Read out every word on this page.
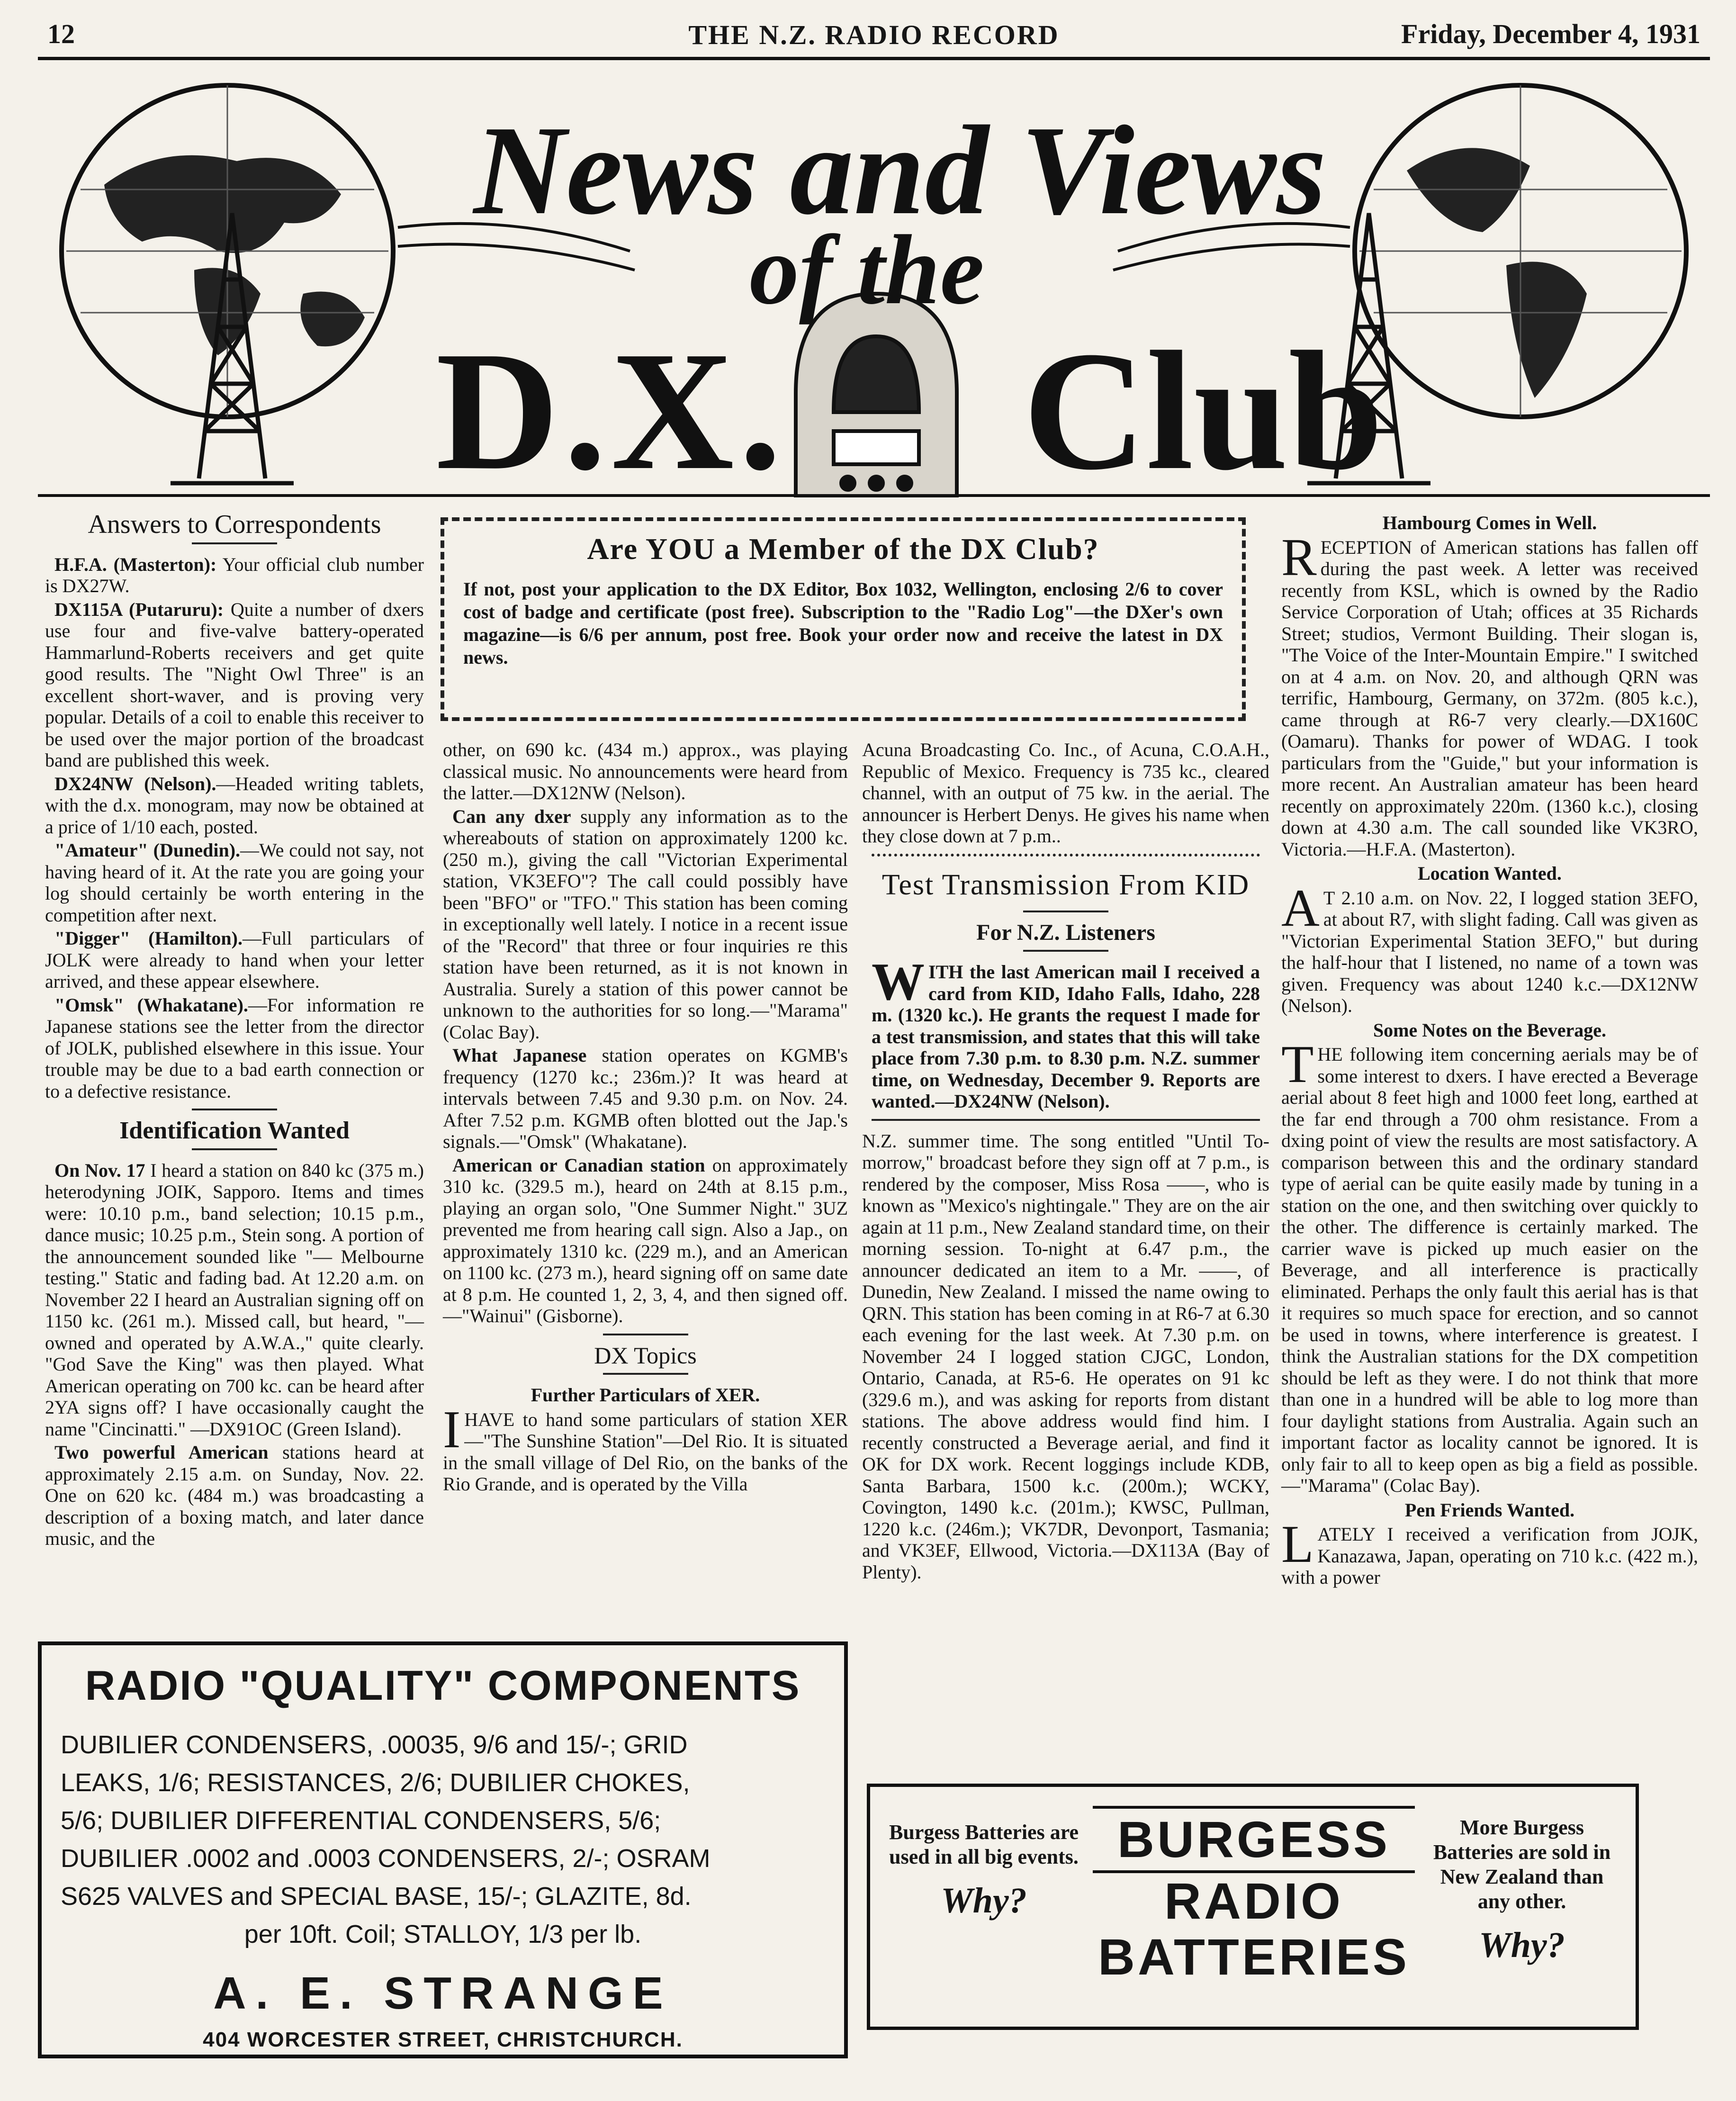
12	THE N.Z. RADIO RECORD	Friday, December 4, 1931
News and Views
of the
D.X. Club
Are YOU a Member of the DX Club?
If not, post your application to the DX Editor, Box 1032, Wellington, enclosing 2/6 to cover cost of badge and certificate (post free). Subscription to the "Radio Log"—the DXer's own magazine—is 6/6 per annum, post free. Book your order now and receive the latest in DX news.
Answers to Correspondents

H.F.A. (Masterton): Your official club number is DX27W.

DX115A (Putaruru): Quite a number of dxers use four and five-valve battery-operated Hammarlund-Roberts receivers and get quite good results. The "Night Owl Three" is an excellent short-waver, and is proving very popular. Details of a coil to enable this receiver to be used over the major portion of the broadcast band are published this week.

DX24NW (Nelson).—Headed writing tablets, with the d.x. monogram, may now be obtained at a price of 1/10 each, posted.

"Amateur" (Dunedin).—We could not say, not having heard of it. At the rate you are going your log should certainly be worth entering in the competition after next.

"Digger" (Hamilton).—Full particulars of JOLK were already to hand when your letter arrived, and these appear elsewhere.

"Omsk" (Whakatane).—For information re Japanese stations see the letter from the director of JOLK, published elsewhere in this issue. Your trouble may be due to a bad earth connection or to a defective resistance.

Identification Wanted

On Nov. 17 I heard a station on 840 kc (375 m.) heterodyning JOIK, Sapporo. Items and times were: 10.10 p.m., band selection; 10.15 p.m., dance music; 10.25 p.m., Stein song. A portion of the announcement sounded like "— Melbourne testing." Static and fading bad. At 12.20 a.m. on November 22 I heard an Australian signing off on 1150 kc. (261 m.). Missed call, but heard, "— owned and operated by A.W.A.," quite clearly. "God Save the King" was then played. What American operating on 700 kc. can be heard after 2YA signs off? I have occasionally caught the name "Cincinatti." —DX91OC (Green Island).

Two powerful American stations heard at approximately 2.15 a.m. on Sunday, Nov. 22. One on 620 kc. (484 m.) was broadcasting a description of a boxing match, and later dance music, and the

other, on 690 kc. (434 m.) approx., was playing classical music. No announcements were heard from the latter.—DX12NW (Nelson).

Can any dxer supply any information as to the whereabouts of station on approximately 1200 kc. (250 m.), giving the call "Victorian Experimental station, VK3EFO"? The call could possibly have been "BFO" or "TFO." This station has been coming in exceptionally well lately. I notice in a recent issue of the "Record" that three or four inquiries re this station have been returned, as it is not known in Australia. Surely a station of this power cannot be unknown to the authorities for so long.—"Marama" (Colac Bay).

What Japanese station operates on KGMB's frequency (1270 kc.; 236m.)? It was heard at intervals between 7.45 and 9.30 p.m. on Nov. 24. After 7.52 p.m. KGMB often blotted out the Jap.'s signals.—"Omsk" (Whakatane).

American or Canadian station on approximately 310 kc. (329.5 m.), heard on 24th at 8.15 p.m., playing an organ solo, "One Summer Night." 3UZ prevented me from hearing call sign. Also a Jap., on approximately 1310 kc. (229 m.), and an American on 1100 kc. (273 m.), heard signing off on same date at 8 p.m. He counted 1, 2, 3, 4, and then signed off.—"Wainui" (Gisborne).

DX Topics
Further Particulars of XER.

IHAVE to hand some particulars of station XER—"The Sunshine Station"—Del Rio. It is situated in the small village of Del Rio, on the banks of the Rio Grande, and is operated by the Villa

Acuna Broadcasting Co. Inc., of Acuna, C.O.A.H., Republic of Mexico. Frequency is 735 kc., cleared channel, with an output of 75 kw. in the aerial. The announcer is Herbert Denys. He gives his name when they close down at 7 p.m..

Test Transmission From KID
For N.Z. Listeners

WITH the last American mail I received a card from KID, Idaho Falls, Idaho, 228 m. (1320 kc.). He grants the request I made for a test transmission, and states that this will take place from 7.30 p.m. to 8.30 p.m. N.Z. summer time, on Wednesday, December 9. Reports are wanted.—DX24NW (Nelson).

N.Z. summer time. The song entitled "Until To-morrow," broadcast before they sign off at 7 p.m., is rendered by the composer, Miss Rosa ——, who is known as "Mexico's nightingale." They are on the air again at 11 p.m., New Zealand standard time, on their morning session. To-night at 6.47 p.m., the announcer dedicated an item to a Mr. ——, of Dunedin, New Zealand. I missed the name owing to QRN. This station has been coming in at R6-7 at 6.30 each evening for the last week. At 7.30 p.m. on November 24 I logged station CJGC, London, Ontario, Canada, at R5-6. He operates on 91 kc (329.6 m.), and was asking for reports from distant stations. The above address would find him. I recently constructed a Beverage aerial, and find it OK for DX work. Recent loggings include KDB, Santa Barbara, 1500 k.c. (200m.); WCKY, Covington, 1490 k.c. (201m.); KWSC, Pullman, 1220 k.c. (246m.); VK7DR, Devonport, Tasmania; and VK3EF, Ellwood, Victoria.—DX113A (Bay of Plenty).

Hambourg Comes in Well.

RECEPTION of American stations has fallen off during the past week. A letter was received recently from KSL, which is owned by the Radio Service Corporation of Utah; offices at 35 Richards Street; studios, Vermont Building. Their slogan is, "The Voice of the Inter-Mountain Empire." I switched on at 4 a.m. on Nov. 20, and although QRN was terrific, Hambourg, Germany, on 372m. (805 k.c.), came through at R6-7 very clearly.—DX160C (Oamaru). Thanks for power of WDAG. I took particulars from the "Guide," but your information is more recent. An Australian amateur has been heard recently on approximately 220m. (1360 k.c.), closing down at 4.30 a.m. The call sounded like VK3RO, Victoria.—H.F.A. (Masterton).

Location Wanted.

AT 2.10 a.m. on Nov. 22, I logged station 3EFO, at about R7, with slight fading. Call was given as "Victorian Experimental Station 3EFO," but during the half-hour that I listened, no name of a town was given. Frequency was about 1240 k.c.—DX12NW (Nelson).

Some Notes on the Beverage.

THE following item concerning aerials may be of some interest to dxers. I have erected a Beverage aerial about 8 feet high and 1000 feet long, earthed at the far end through a 700 ohm resistance. From a dxing point of view the results are most satisfactory. A comparison between this and the ordinary standard type of aerial can be quite easily made by tuning in a station on the one, and then switching over quickly to the other. The difference is certainly marked. The carrier wave is picked up much easier on the Beverage, and all interference is practically eliminated. Perhaps the only fault this aerial has is that it requires so much space for erection, and so cannot be used in towns, where interference is greatest. I think the Australian stations for the DX competition should be left as they were. I do not think that more than one in a hundred will be able to log more than four daylight stations from Australia. Again such an important factor as locality cannot be ignored. It is only fair to all to keep open as big a field as possible.—"Marama" (Colac Bay).

Pen Friends Wanted.

LATELY I received a verification from JOJK, Kanazawa, Japan, operating on 710 k.c. (422 m.), with a power

RADIO "QUALITY" COMPONENTS
DUBILIER CONDENSERS, .00035, 9/6 and 15/-; GRID
LEAKS, 1/6; RESISTANCES, 2/6; DUBILIER CHOKES,
5/6; DUBILIER DIFFERENTIAL CONDENSERS, 5/6;
DUBILIER .0002 and .0003 CONDENSERS, 2/-; OSRAM
S625 VALVES and SPECIAL BASE, 15/-; GLAZITE, 8d.
per 10ft. Coil; STALLOY, 1/3 per lb.
A. E. STRANGE
404 WORCESTER STREET, CHRISTCHURCH.
Burgess Batteries are used in all big events.
Why?
BURGESS
RADIO
BATTERIES
More Burgess Batteries are sold in New Zealand than any other.
Why?
